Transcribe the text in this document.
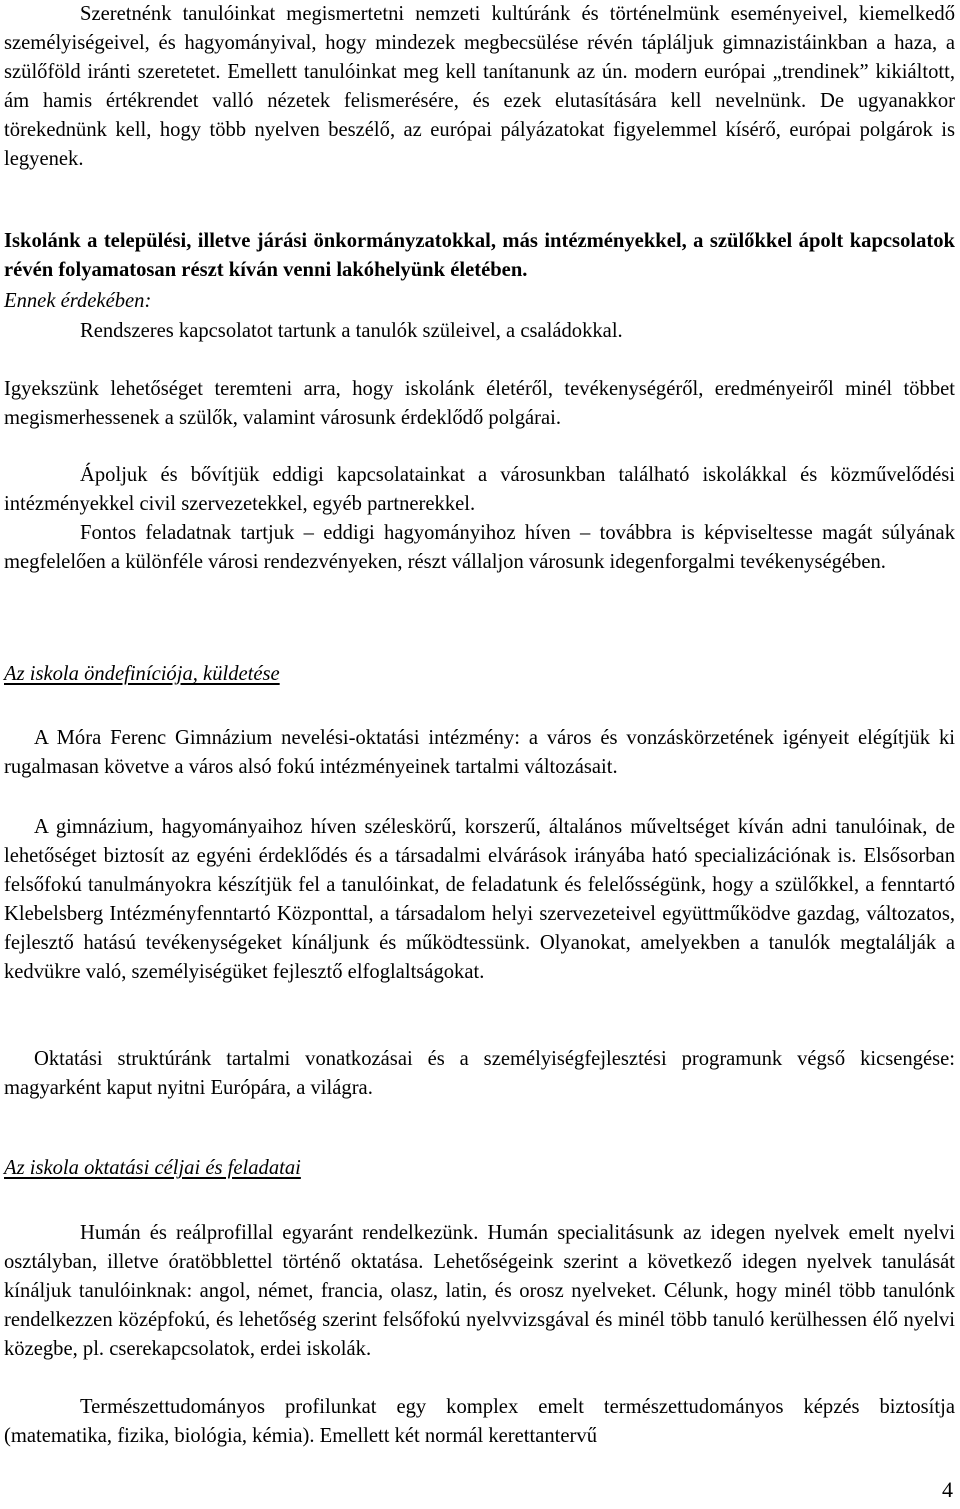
Szeretnénk tanulóinkat megismertetni nemzeti kultúránk és történelmünk eseményeivel, kiemelkedő személyiségeivel, és hagyományival, hogy mindezek megbecsülése révén tápláljuk gimnazistáinkban a haza, a szülőföld iránti szeretetet. Emellett tanulóinkat meg kell tanítanunk az ún. modern európai „trendinek” kikiáltott, ám hamis értékrendet valló nézetek felismerésére, és ezek elutasítására kell nevelnünk. De ugyanakkor törekednünk kell, hogy több nyelven beszélő, az európai pályázatokat figyelemmel kísérő, európai polgárok is legyenek.

Iskolánk a települési, illetve járási önkormányzatokkal, más intézményekkel, a szülőkkel ápolt kapcsolatok révén folyamatosan részt kíván venni lakóhelyünk életében.

Ennek érdekében:

Rendszeres kapcsolatot tartunk a tanulók szüleivel, a családokkal.

Igyekszünk lehetőséget teremteni arra, hogy iskolánk életéről, tevékenységéről, eredményeiről minél többet megismerhessenek a szülők, valamint városunk érdeklődő polgárai.

Ápoljuk és bővítjük eddigi kapcsolatainkat a városunkban található iskolákkal és közművelődési intézményekkel civil szervezetekkel, egyéb partnerekkel.

Fontos feladatnak tartjuk – eddigi hagyományihoz híven – továbbra is képviseltesse magát súlyának megfelelően a különféle városi rendezvényeken, részt vállaljon városunk idegenforgalmi tevékenységében.

Az iskola öndefiníciója, küldetése

A Móra Ferenc Gimnázium nevelési-oktatási intézmény: a város és vonzáskörzetének igényeit elégítjük ki rugalmasan követve a város alsó fokú intézményeinek tartalmi változásait.

A gimnázium, hagyományaihoz híven széleskörű, korszerű, általános műveltséget kíván adni tanulóinak, de lehetőséget biztosít az egyéni érdeklődés és a társadalmi elvárások irányába ható specializációnak is. Elsősorban felsőfokú tanulmányokra készítjük fel a tanulóinkat, de feladatunk és felelősségünk, hogy a szülőkkel, a fenntartó Klebelsberg Intézményfenntartó Központtal, a társadalom helyi szervezeteivel együttműködve gazdag, változatos, fejlesztő hatású tevékenységeket kínáljunk és működtessünk. Olyanokat, amelyekben a tanulók megtalálják a kedvükre való, személyiségüket fejlesztő elfoglaltságokat.

Oktatási struktúránk tartalmi vonatkozásai és a személyiségfejlesztési programunk végső kicsengése: magyarként kaput nyitni Európára, a világra.

Az iskola oktatási céljai és feladatai

Humán és reálprofillal egyaránt rendelkezünk. Humán specialitásunk az idegen nyelvek emelt nyelvi osztályban, illetve óratöbblettel történő oktatása. Lehetőségeink szerint a következő idegen nyelvek tanulását kínáljuk tanulóinknak: angol, német, francia, olasz, latin, és orosz nyelveket. Célunk, hogy minél több tanulónk rendelkezzen középfokú, és lehetőség szerint felsőfokú nyelvvizsgával és minél több tanuló kerülhessen élő nyelvi közegbe, pl. cserekapcsolatok, erdei iskolák.

Természettudományos profilunkat egy komplex emelt természettudományos képzés biztosítja (matematika, fizika, biológia, kémia). Emellett két normál kerettantervű

4
